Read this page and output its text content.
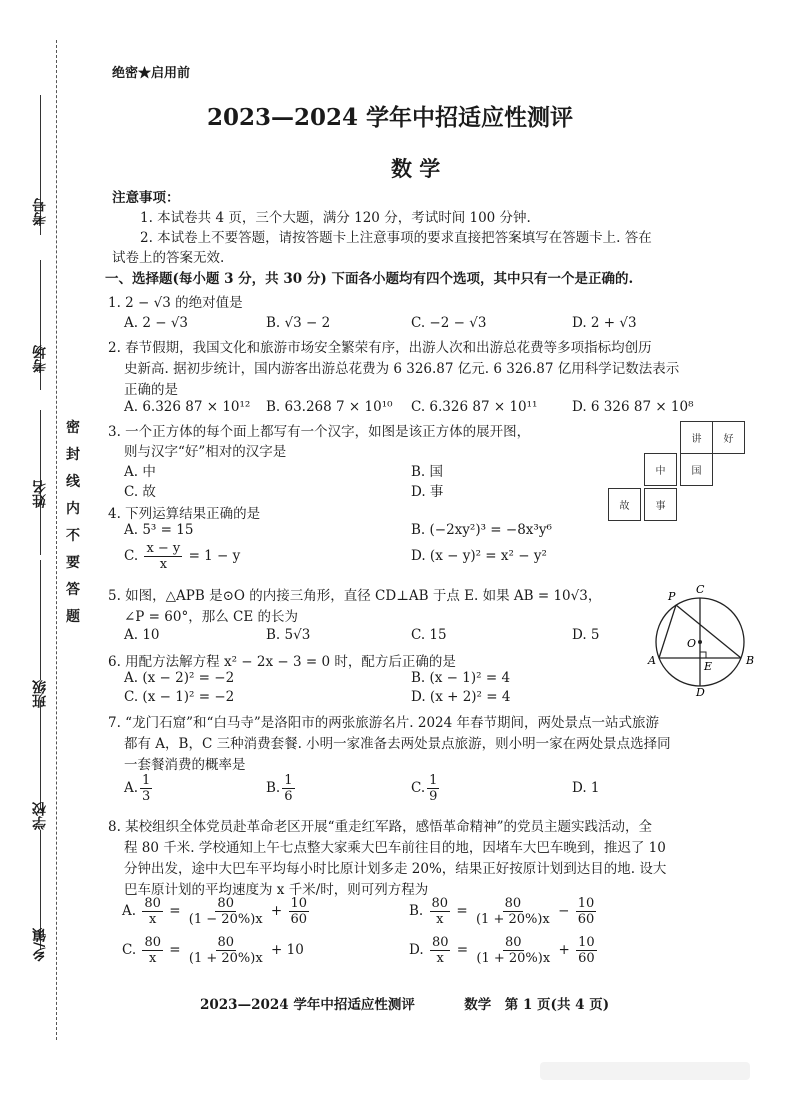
考号
考场
姓名
班级
学校
乡/镇
密封线内不要答题
绝密★启用前
2023—2024 学年中招适应性测评
数 学
注意事项：
1. 本试卷共 4 页，三个大题，满分 120 分，考试时间 100 分钟.
2. 本试卷上不要答题，请按答题卡上注意事项的要求直接把答案填写在答题卡上. 答在
试卷上的答案无效.
一、选择题(每小题 3 分，共 30 分) 下面各小题均有四个选项，其中只有一个是正确的.
1. 2 − √3 的绝对值是
A. 2 − √3	B. √3 − 2	C. −2 − √3	D. 2 + √3
2. 春节假期，我国文化和旅游市场安全繁荣有序，出游人次和出游总花费等多项指标均创历
史新高. 据初步统计，国内游客出游总花费为 6 326.87 亿元. 6 326.87 亿用科学记数法表示
正确的是
A. 6.326 87 × 10¹² B. 63.268 7 × 10¹⁰ C. 6.326 87 × 10¹¹	D. 6 326 87 × 10⁸
3. 一个正方体的每个面上都写有一个汉字，如图是该正方体的展开图，
则与汉字“好”相对的汉字是
A. 中	B. 国
C. 故	D. 事
讲	好
中	国
故	事
4. 下列运算结果正确的是
A. 5³ = 15	B. (−2xy²)³ = −8x³y⁶
C. $\frac{x - y}{x} = 1 - y$	D. (x − y)² = x² − y²
5. 如图，△APB 是⊙O 的内接三角形，直径 CD⊥AB 于点 E. 如果 AB = 10√3，
∠P = 60°，那么 CE 的长为
A. 10	B. 5√3	C. 15	D. 5
P
C
O
A	E	B
D
6. 用配方法解方程 x² − 2x − 3 = 0 时，配方后正确的是
A. (x − 2)² = −2	B. (x − 1)² = 4
C. (x − 1)² = −2	D. (x + 2)² = 4
7. “龙门石窟”和“白马寺”是洛阳市的两张旅游名片. 2024 年春节期间，两处景点一站式旅游
都有 A，B，C 三种消费套餐. 小明一家准备去两处景点旅游，则小明一家在两处景点选择同
一套餐消费的概率是
A. $\frac{1}{3}$	B. $\frac{1}{6}$	C. $\frac{1}{9}$	D. 1
8. 某校组织全体党员赴革命老区开展“重走红军路，感悟革命精神”的党员主题实践活动，全
程 80 千米. 学校通知上午七点整大家乘大巴车前往目的地，因堵车大巴车晚到，推迟了 10
分钟出发，途中大巴车平均每小时比原计划多走 20%，结果正好按原计划到达目的地. 设大
巴车原计划的平均速度为 x 千米/时，则可列方程为
A. $\frac{80}{x} = \frac{80}{(1 - 20\%)x} + \frac{10}{60}$	B. $\frac{80}{x} = \frac{80}{(1 + 20\%)x} - \frac{10}{60}$
C. $\frac{80}{x} = \frac{80}{(1 + 20\%)x} + 10$	D. $\frac{80}{x} = \frac{80}{(1 + 20\%)x} + \frac{10}{60}$
2023—2024 学年中招适应性测评	数学　第 1 页(共 4 页)
